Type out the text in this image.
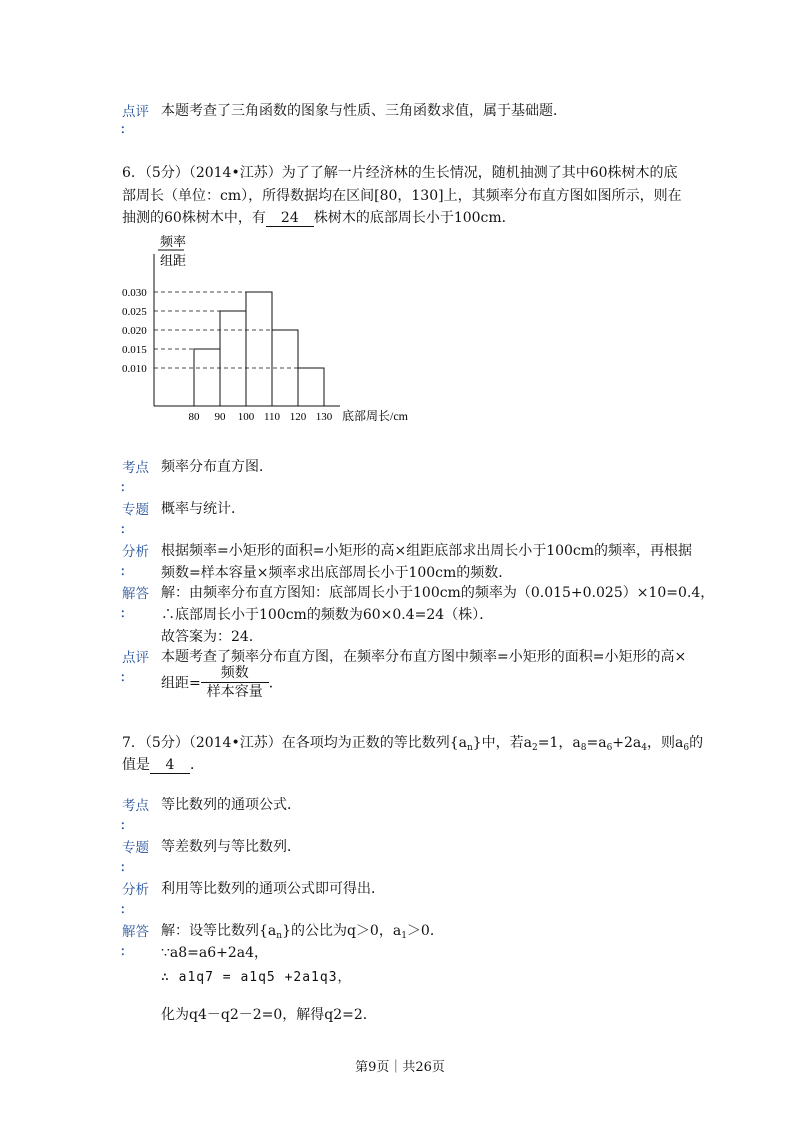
点评
：
本题考查了三角函数的图象与性质、三角函数求值，属于基础题．
6．（5分）（2014•江苏）为了了解一片经济林的生长情况，随机抽测了其中60株树木的底
部周长（单位：cm），所得数据均在区间[80，130]上，其频率分布直方图如图所示，则在
抽测的60株树木中，有 24 株树木的底部周长小于100cm．
频率
组距
0.030
0.025
0.020
0.015
0.010
80 90 100 110 120 130 底部周长/cm
考点
：
频率分布直方图．
专题
：
概率与统计．
分析
：
根据频率=小矩形的面积=小矩形的高×组距底部求出周长小于100cm的频率，再根据
频数=样本容量×频率求出底部周长小于100cm的频数．
解答
：
解：由频率分布直方图知：底部周长小于100cm的频率为（0.015+0.025）×10=0.4，
∴底部周长小于100cm的频数为60×0.4=24（株）．
故答案为：24．
点评
：
本题考查了频率分布直方图，在频率分布直方图中频率=小矩形的面积=小矩形的高×
组距= $\frac{\text{频数}}{\text{样本容量}}$ ．
7．（5分）（2014•江苏）在各项均为正数的等比数列$\{a_n\}$中，若$a_2=1$，$a_8=a_6+2a_4$，则$a_6$的
值是 4 ．
考点
：
等比数列的通项公式．
专题
：
等差数列与等比数列．
分析
：
利用等比数列的通项公式即可得出．
解答
：
解：设等比数列$\{a_n\}$的公比为q＞0，$a_1>0$．
∵a8=a6+2a4，
∴ a1q7 = a1q5 +2a1q3，
化为q4－q2－2=0，解得q2=2．
第9页｜共26页
